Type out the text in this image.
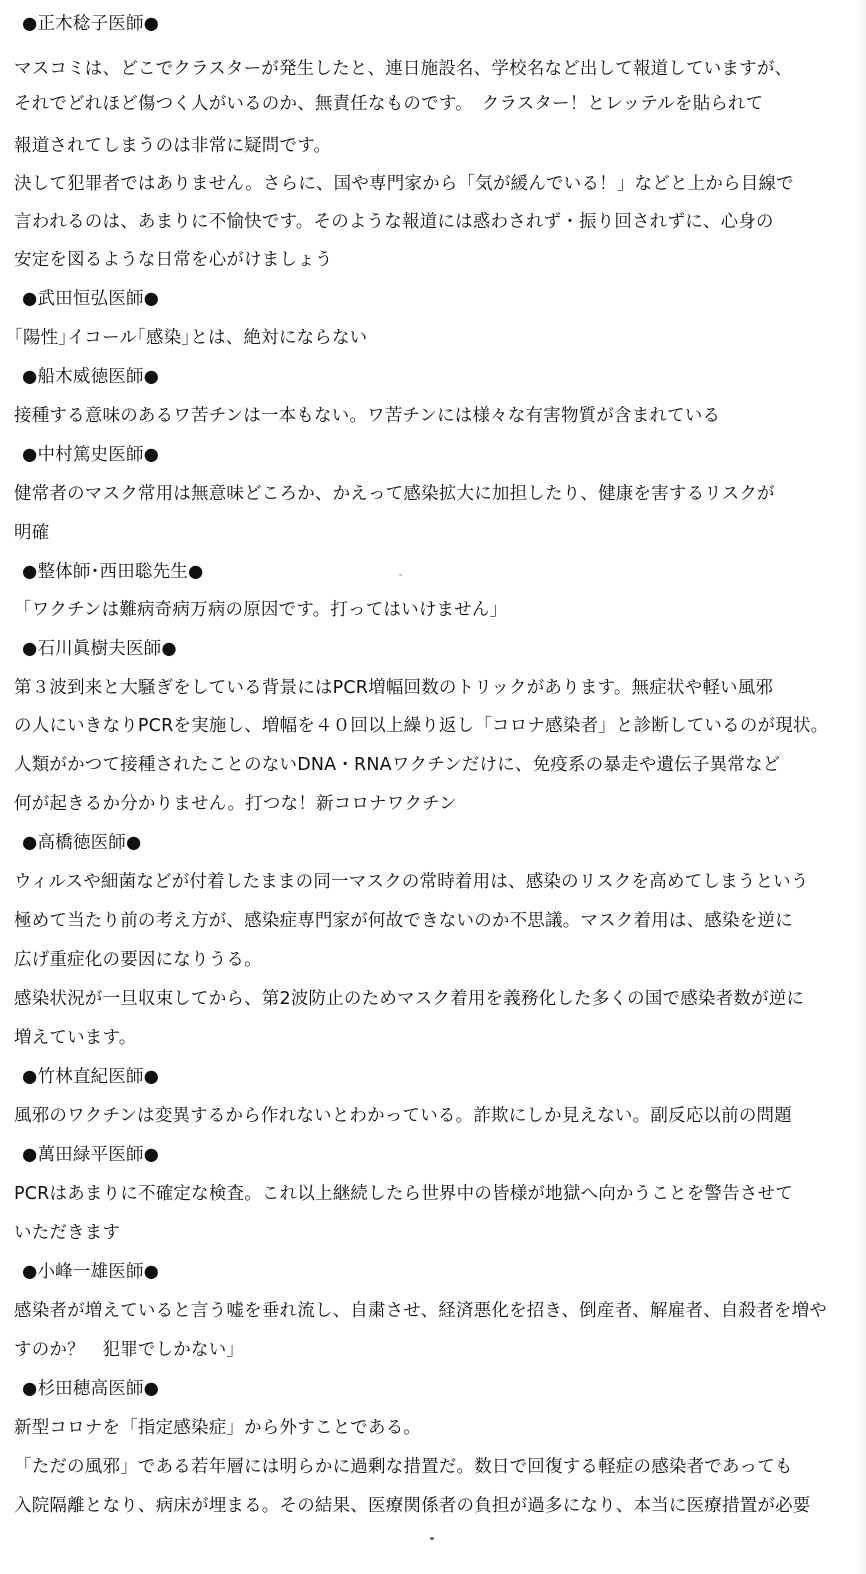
●正木稔子医師●
マスコミは、どこでクラスターが発生したと、連日施設名、学校名など出して報道していますが、
それでどれほど傷つく人がいるのか、無責任なものです。　クラスター！とレッテルを貼られて
報道されてしまうのは非常に疑問です。
決して犯罪者ではありません。さらに、国や専門家から「気が緩んでいる！」などと上から目線で
言われるのは、あまりに不愉快です。そのような報道には惑わされず・振り回されずに、心身の
安定を図るような日常を心がけましょう
●武田恒弘医師●
｢陽性｣イコール｢感染｣とは、絶対にならない
●船木威徳医師●
接種する意味のあるワ苦チンは一本もない。ワ苦チンには様々な有害物質が含まれている
●中村篤史医師●
健常者のマスク常用は無意味どころか、かえって感染拡大に加担したり、健康を害するリスクが
明確
●整体師･西田聡先生●
「ワクチンは難病奇病万病の原因です。打ってはいけません」
●石川眞樹夫医師●
第３波到来と大騒ぎをしている背景にはPCR増幅回数のトリックがあります。無症状や軽い風邪
の人にいきなりPCRを実施し、増幅を４０回以上繰り返し「コロナ感染者」と診断しているのが現状。
人類がかつて接種されたことのないDNA・RNAワクチンだけに、免疫系の暴走や遺伝子異常など
何が起きるか分かりません。打つな！新コロナワクチン
●高橋徳医師●
ウィルスや細菌などが付着したままの同一マスクの常時着用は、感染のリスクを高めてしまうという
極めて当たり前の考え方が、感染症専門家が何故できないのか不思議。マスク着用は、感染を逆に
広げ重症化の要因になりうる。
感染状況が一旦収束してから、第2波防止のためマスク着用を義務化した多くの国で感染者数が逆に
増えています。
●竹林直紀医師●
風邪のワクチンは変異するから作れないとわかっている。詐欺にしか見えない。副反応以前の問題
●萬田緑平医師●
PCRはあまりに不確定な検査。これ以上継続したら世界中の皆様が地獄へ向かうことを警告させて
いただきます
●小峰一雄医師●
感染者が増えていると言う嘘を垂れ流し、自粛させ、経済悪化を招き、倒産者、解雇者、自殺者を増や
すのか？　犯罪でしかない｣
●杉田穂高医師●
新型コロナを「指定感染症」から外すことである。
「ただの風邪」である若年層には明らかに過剰な措置だ。数日で回復する軽症の感染者であっても
入院隔離となり、病床が埋まる。その結果、医療関係者の負担が過多になり、本当に医療措置が必要
